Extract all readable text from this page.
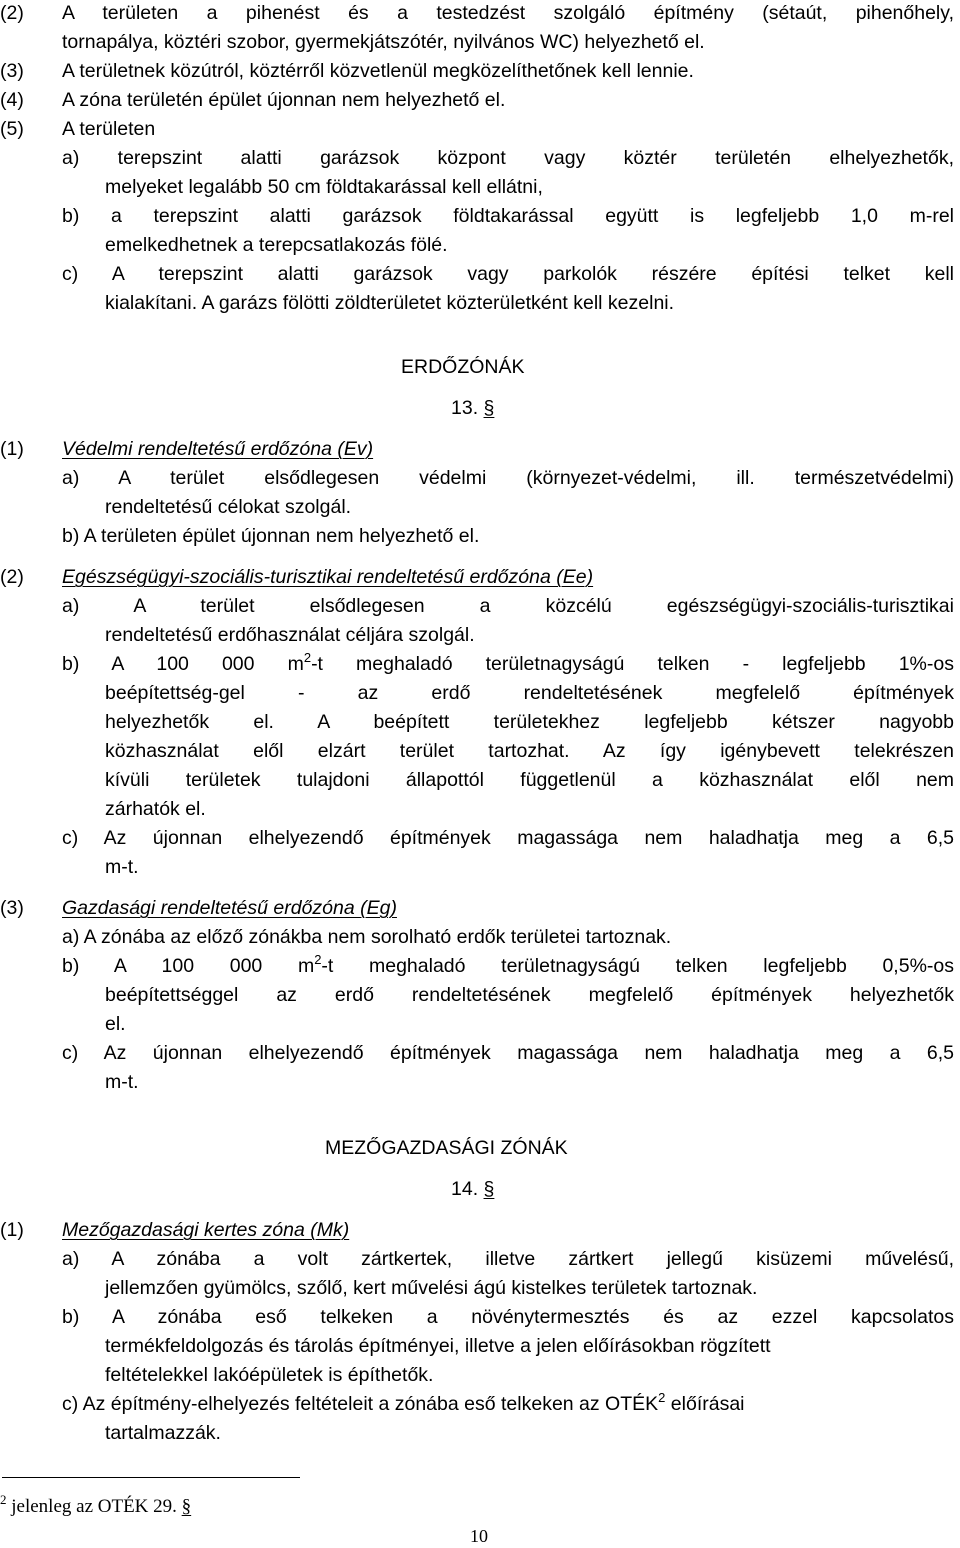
(2) A területen a pihenést és a testedzést szolgáló építmény (sétaút, pihenőhely,
tornapálya, köztéri szobor, gyermekjátszótér, nyilvános WC) helyezhető el.
(3) A területnek közútról, köztérről közvetlenül megközelíthetőnek kell lennie.
(4) A zóna területén épület újonnan nem helyezhető el.
(5) A területen
a) terepszint alatti garázsok központ vagy köztér területén elhelyezhetők,
melyeket legalább 50 cm földtakarással kell ellátni,
b) a terepszint alatti garázsok földtakarással együtt is legfeljebb 1,0 m-rel
emelkedhetnek a terepcsatlakozás fölé.
c) A terepszint alatti garázsok vagy parkolók részére építési telket kell
kialakítani. A garázs fölötti zöldterületet közterületként kell kezelni.
ERDŐZÓNÁK
13. §
(1) Védelmi rendeltetésű erdőzóna (Ev)
a) A terület elsődlegesen védelmi (környezet-védelmi, ill. természetvédelmi)
rendeltetésű célokat szolgál.
b) A területen épület újonnan nem helyezhető el.
(2) Egészségügyi-szociális-turisztikai rendeltetésű erdőzóna (Ee)
a) A terület elsődlegesen a közcélú egészségügyi-szociális-turisztikai
rendeltetésű erdőhasználat céljára szolgál.
b) A 100 000 $m^2-t$ meghaladó területnagyságú telken - legfeljebb 1%-os
beépítettség-gel - az erdő rendeltetésének megfelelő építmények
helyezhetők el. A beépített területekhez legfeljebb kétszer nagyobb
közhasználat elől elzárt terület tartozhat. Az így igénybevett telekrészen
kívüli területek tulajdoni állapottól függetlenül a közhasználat elől nem
zárhatók el.
c) Az újonnan elhelyezendő építmények magassága nem haladhatja meg a 6,5
m-t.
(3) Gazdasági rendeltetésű erdőzóna (Eg)
a) A zónába az előző zónákba nem sorolható erdők területei tartoznak.
b) A 100 000 $m^2-t$ meghaladó területnagyságú telken legfeljebb 0,5%-os
beépítettséggel az erdő rendeltetésének megfelelő építmények helyezhetők
el.
c) Az újonnan elhelyezendő építmények magassága nem haladhatja meg a 6,5
m-t.
MEZŐGAZDASÁGI ZÓNÁK
14. §
(1) Mezőgazdasági kertes zóna (Mk)
a) A zónába a volt zártkertek, illetve zártkert jellegű kisüzemi művelésű,
jellemzően gyümölcs, szőlő, kert művelési ágú kistelkes területek tartoznak.
b) A zónába eső telkeken a növénytermesztés és az ezzel kapcsolatos
termékfeldolgozás és tárolás építményei, illetve a jelen előírásokban rögzített
feltételekkel lakóépületek is építhetők.
c) Az építmény-elhelyezés feltételeit a zónába eső telkeken az OTÉK$^2$ előírásai
tartalmazzák.
$^2$ jelenleg az OTÉK 29. §
10
